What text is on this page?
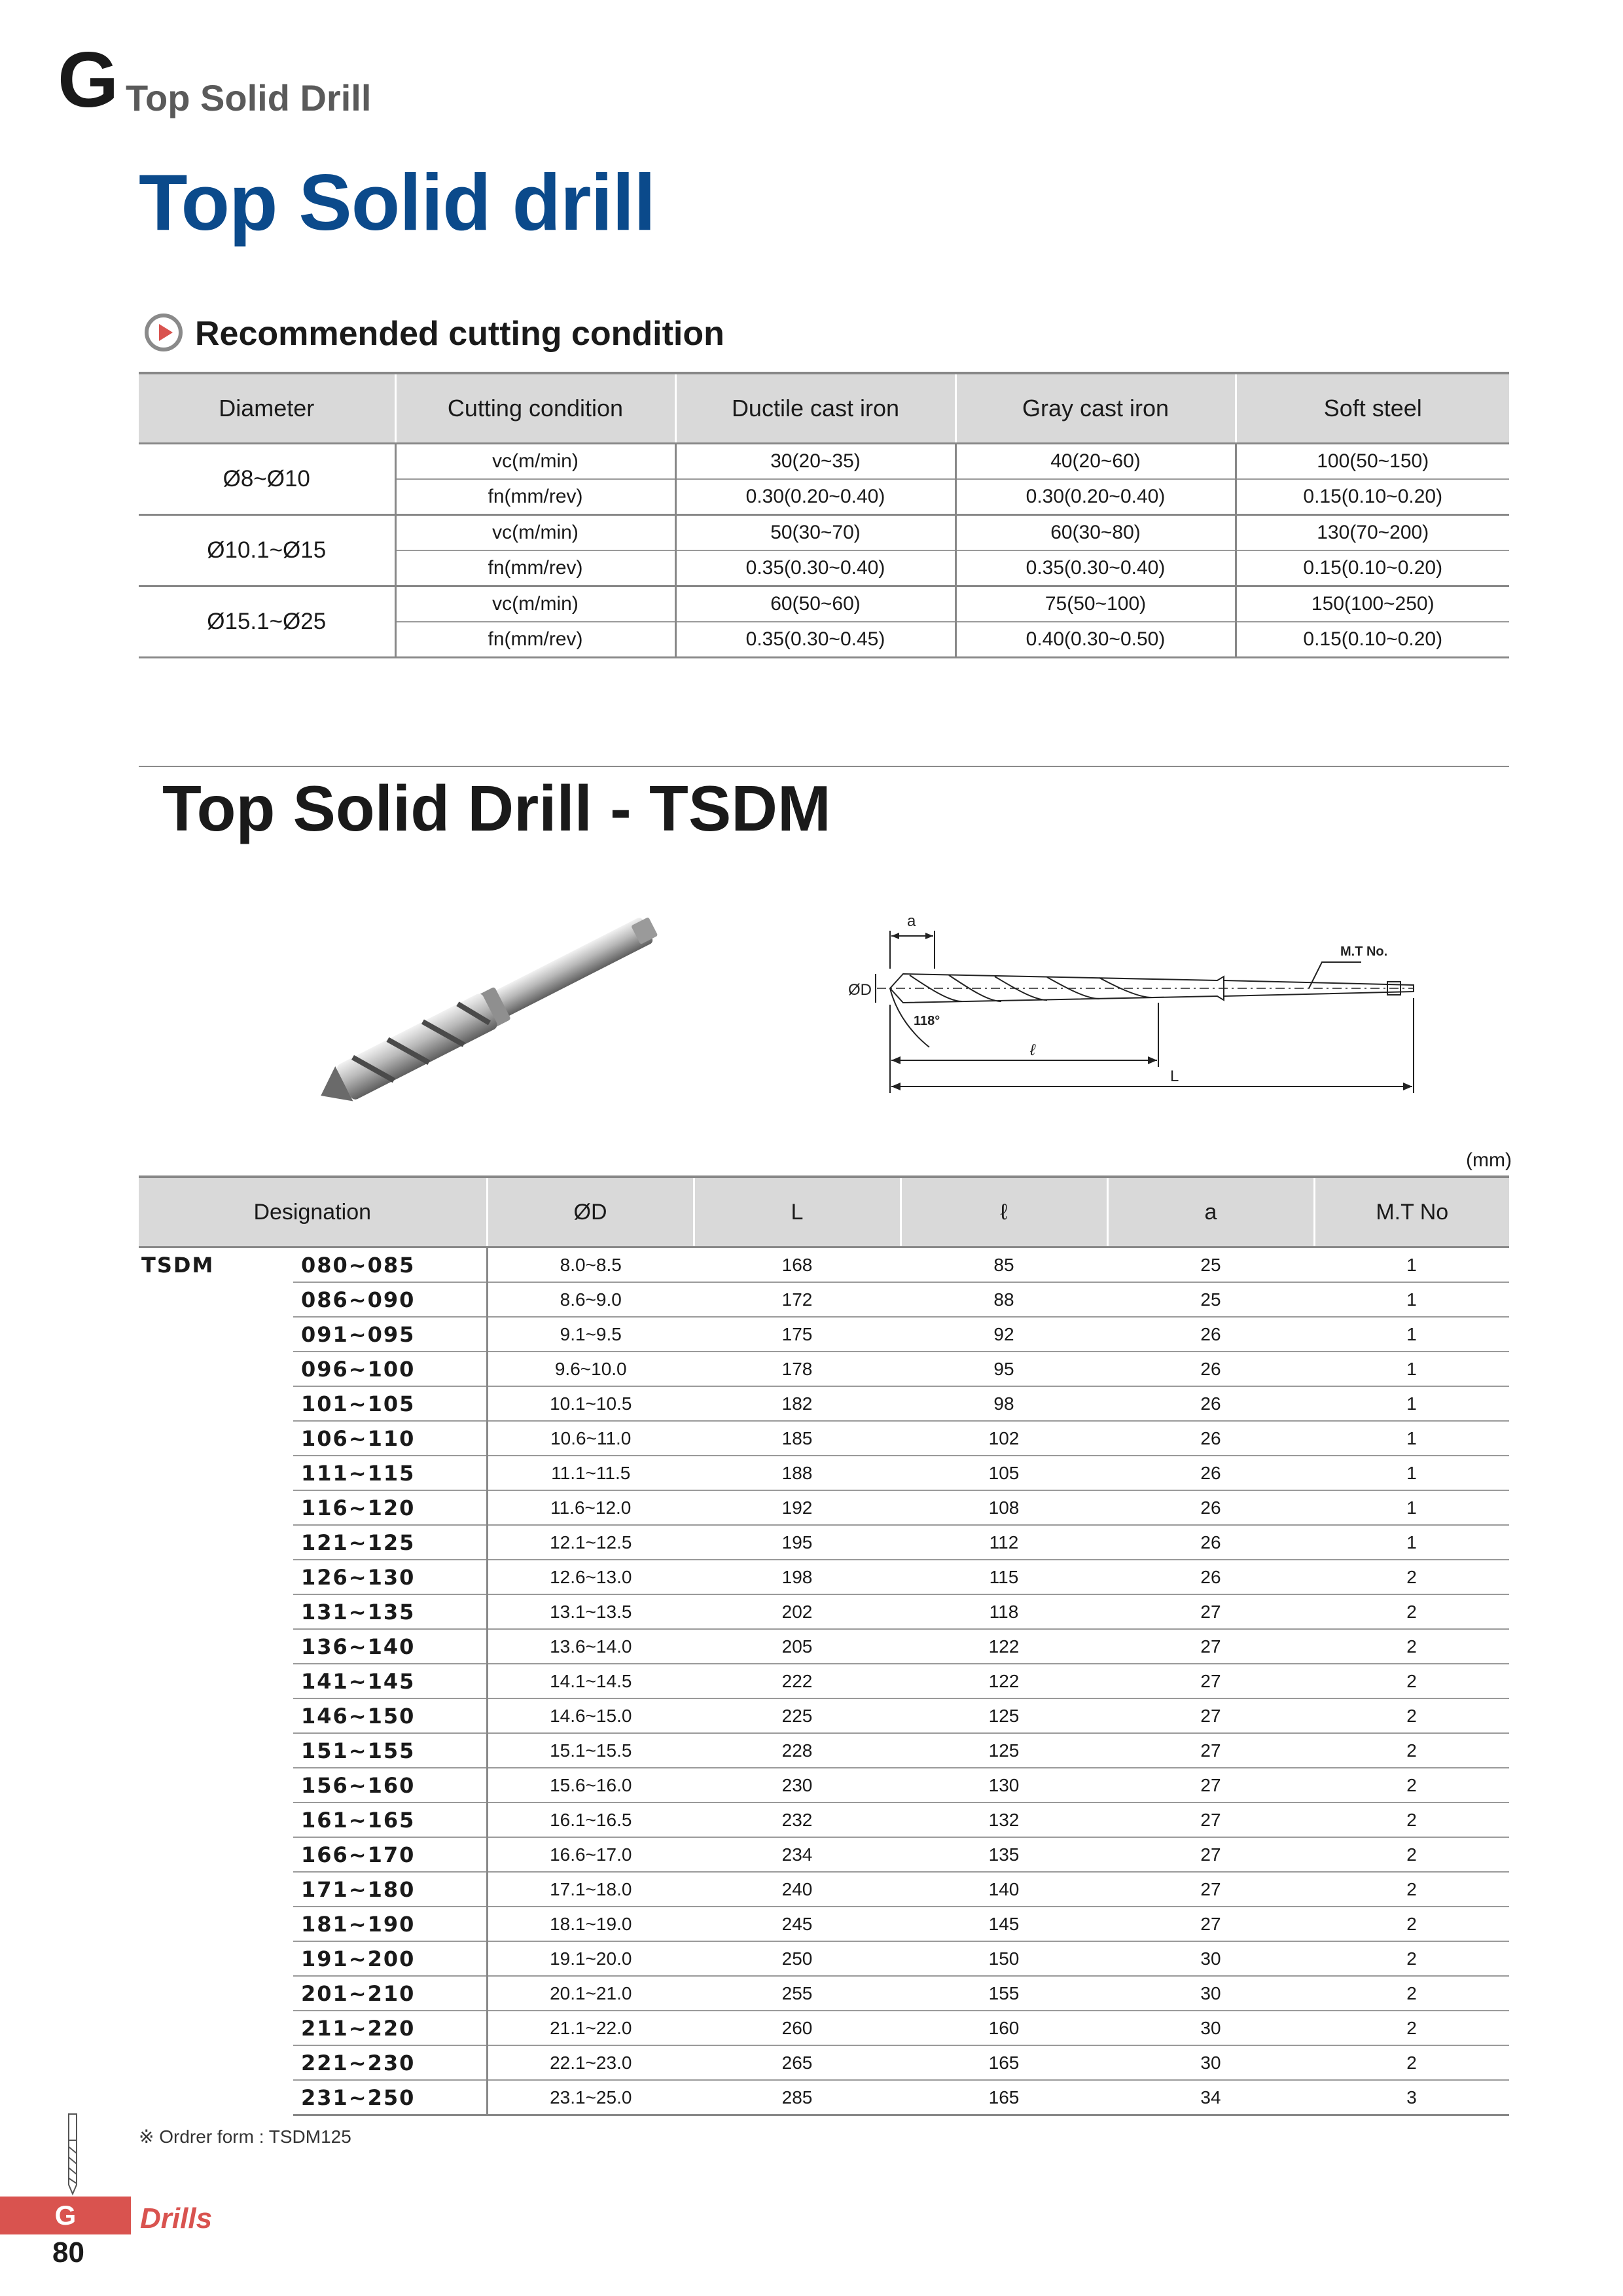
G Top Solid Drill
Top Solid drill
Recommended cutting condition
Diameter	Cutting condition	Ductile cast iron	Gray cast iron	Soft steel
Ø8~Ø10	vc(m/min)	30(20~35)	40(20~60)	100(50~150)
	fn(mm/rev)	0.30(0.20~0.40)	0.30(0.20~0.40)	0.15(0.10~0.20)
Ø10.1~Ø15	vc(m/min)	50(30~70)	60(30~80)	130(70~200)
	fn(mm/rev)	0.35(0.30~0.40)	0.35(0.30~0.40)	0.15(0.10~0.20)
Ø15.1~Ø25	vc(m/min)	60(50~60)	75(50~100)	150(100~250)
	fn(mm/rev)	0.35(0.30~0.45)	0.40(0.30~0.50)	0.15(0.10~0.20)
Top Solid Drill - TSDM
a
ØD
M.T No.
118°
ℓ
L
(mm)
Designation		ØD	L	ℓ	a	M.T No
TSDM	080~085	8.0~8.5	168	85	25	1
	086~090	8.6~9.0	172	88	25	1
	091~095	9.1~9.5	175	92	26	1
	096~100	9.6~10.0	178	95	26	1
	101~105	10.1~10.5	182	98	26	1
	106~110	10.6~11.0	185	102	26	1
	111~115	11.1~11.5	188	105	26	1
	116~120	11.6~12.0	192	108	26	1
	121~125	12.1~12.5	195	112	26	1
	126~130	12.6~13.0	198	115	26	2
	131~135	13.1~13.5	202	118	27	2
	136~140	13.6~14.0	205	122	27	2
	141~145	14.1~14.5	222	122	27	2
	146~150	14.6~15.0	225	125	27	2
	151~155	15.1~15.5	228	125	27	2
	156~160	15.6~16.0	230	130	27	2
	161~165	16.1~16.5	232	132	27	2
	166~170	16.6~17.0	234	135	27	2
	171~180	17.1~18.0	240	140	27	2
	181~190	18.1~19.0	245	145	27	2
	191~200	19.1~20.0	250	150	30	2
	201~210	20.1~21.0	255	155	30	2
	211~220	21.1~22.0	260	160	30	2
	221~230	22.1~23.0	265	165	30	2
	231~250	23.1~25.0	285	165	34	3
※ Ordrer form : TSDM125
G	Drills
80
